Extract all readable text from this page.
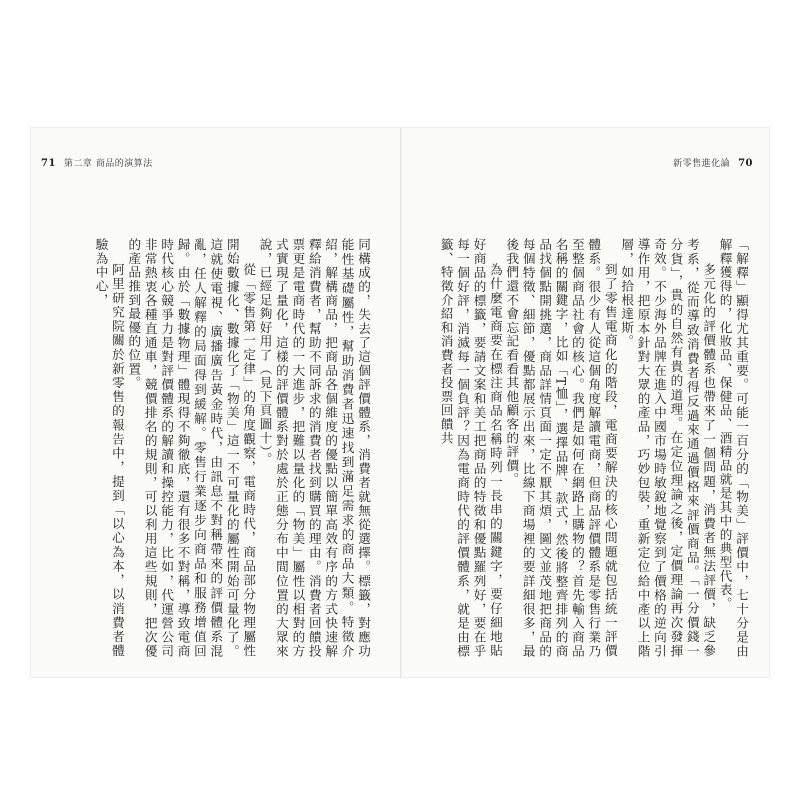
71 第二章 商品的演算法	新零售進化論 70

同構成的，失去了這個評價體系，消費者就無從選擇。標籤，對應功能性基礎屬性，幫助消費者迅速找到滿足需求的商品大類。特徵介紹，解構商品，把商品各個維度的優點以簡單高效有序的方式快速解釋給消費者，幫助不同訴求的消費者找到購買的理由。消費者回饋投票更是電商時代的一大進步，把難以量化的「物美」屬性以相對的方式實現了量化，這樣的評價體系對於處於正態分布中間位置的大眾來說，已經足夠好用了（見下頁圖十）。

從「零售第一定律」的角度觀察，電商時代，商品部分物理屬性開始數據化、數據化了「物美」這一不可量化的屬性開始可量化了。這就使電視、廣播廣告黃金時代，由訊息不對稱帶來的評價體系混亂，任人解釋的局面得到緩解。零售行業逐步向商品和服務增值回歸。由於「數據物理」體現得不夠徹底，還有很多不對稱，導致電商時代核心競爭力是對評價體系的解讀和操控能力，比如，代運營公司非常熱衷各種直通車，競價排名的規則，可以利用這些規則，把次優的產品推到最優的位置。

阿里研究院關於新零售的報告中，提到「以心為本，以消費者體驗為中心，	「解釋」顯得尤其重要。可能一百分的「物美」評價中，七十分是由解釋獲得的，化妝品、保健品、酒精品就是其中的典型代表。

多元化的評價體系也帶來了一個問題，消費者無法評價，缺乏參考系，從而導致消費者得反過來通過價格來評價商品。「一分價錢一分貨」，貴的自然有貴的道理。在定位理論之後，定價理論再次發揮奇效。不少海外品牌在進入中國市場時敏銳地覺察到了價格的逆向引導作用，把原本針對大眾的產品，巧妙包裝，重新定位給中產以上階層，如拾根達斯。

到了零售電商化的階段，電商要解決的核心問題就包括統一評價體系。很少有人從這個角度解讀電商，但商品評價體系是零售行業乃至整個商品社會的核心。我們是如何在網路上購物的？首先輸入商品名稱的關鍵字，比如「T恤」，選擇品牌、款式，然後將整齊排列的商品找個點開挑選，商品詳情頁面一定不厭其煩，圖文並茂地把商品的每個特徵、細節，優點都展示出來，比線下商場裡的要詳細很多，最後我們還不會忘記看看其他顧客的評價。

為什麼電商要在標注商品名稱時列一長串的關鍵字，要仔細地貼好商品的標籤，要請文案和美工把商品的特徵和優點羅列好，要在乎每一個好評，消滅每一個負評？因為電商時代的評價體系，就是由標籤、特徵介紹和消費者投票回饋共
